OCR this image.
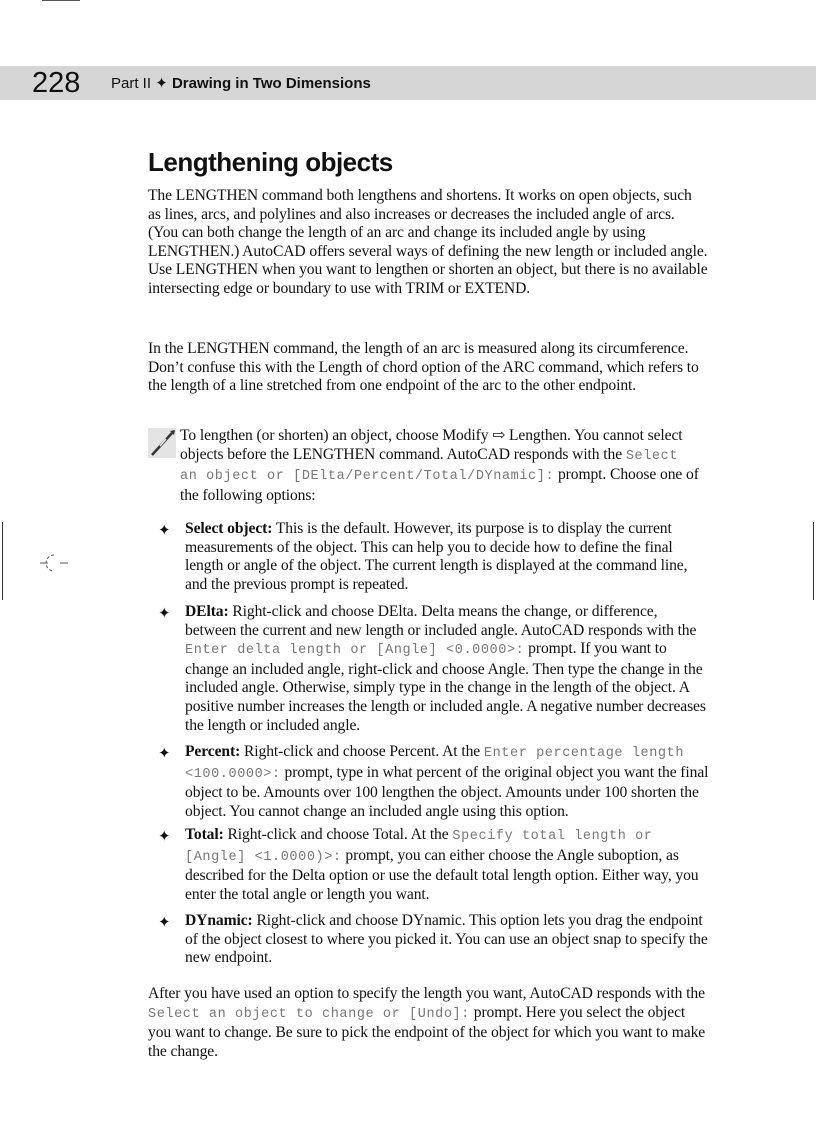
228 Part II ✦ Drawing in Two Dimensions
Lengthening objects

The LENGTHEN command both lengthens and shortens. It works on open objects, such as lines, arcs, and polylines and also increases or decreases the included angle of arcs. (You can both change the length of an arc and change its included angle by using LENGTHEN.) AutoCAD offers several ways of defining the new length or included angle. Use LENGTHEN when you want to lengthen or shorten an object, but there is no available intersecting edge or boundary to use with TRIM or EXTEND.

In the LENGTHEN command, the length of an arc is measured along its circumference. Don’t confuse this with the Length of chord option of the ARC command, which refers to the length of a line stretched from one endpoint of the arc to the other endpoint.

To lengthen (or shorten) an object, choose Modify ⇨ Lengthen. You cannot select objects before the LENGTHEN command. AutoCAD responds with the Select an object or [DElta/Percent/Total/DYnamic]: prompt. Choose one of the following options:

✦ Select object: This is the default. However, its purpose is to display the current measurements of the object. This can help you to decide how to define the final length or angle of the object. The current length is displayed at the command line, and the previous prompt is repeated.

✦ DElta: Right-click and choose DElta. Delta means the change, or difference, between the current and new length or included angle. AutoCAD responds with the Enter delta length or [Angle] <0.0000>: prompt. If you want to change an included angle, right-click and choose Angle. Then type the change in the included angle. Otherwise, simply type in the change in the length of the object. A positive number increases the length or included angle. A negative number decreases the length or included angle.

✦ Percent: Right-click and choose Percent. At the Enter percentage length <100.0000>: prompt, type in what percent of the original object you want the final object to be. Amounts over 100 lengthen the object. Amounts under 100 shorten the object. You cannot change an included angle using this option.

✦ Total: Right-click and choose Total. At the Specify total length or [Angle] <1.0000)>: prompt, you can either choose the Angle suboption, as described for the Delta option or use the default total length option. Either way, you enter the total angle or length you want.

✦ DYnamic: Right-click and choose DYnamic. This option lets you drag the endpoint of the object closest to where you picked it. You can use an object snap to specify the new endpoint.

After you have used an option to specify the length you want, AutoCAD responds with the Select an object to change or [Undo]: prompt. Here you select the object you want to change. Be sure to pick the endpoint of the object for which you want to make the change.
